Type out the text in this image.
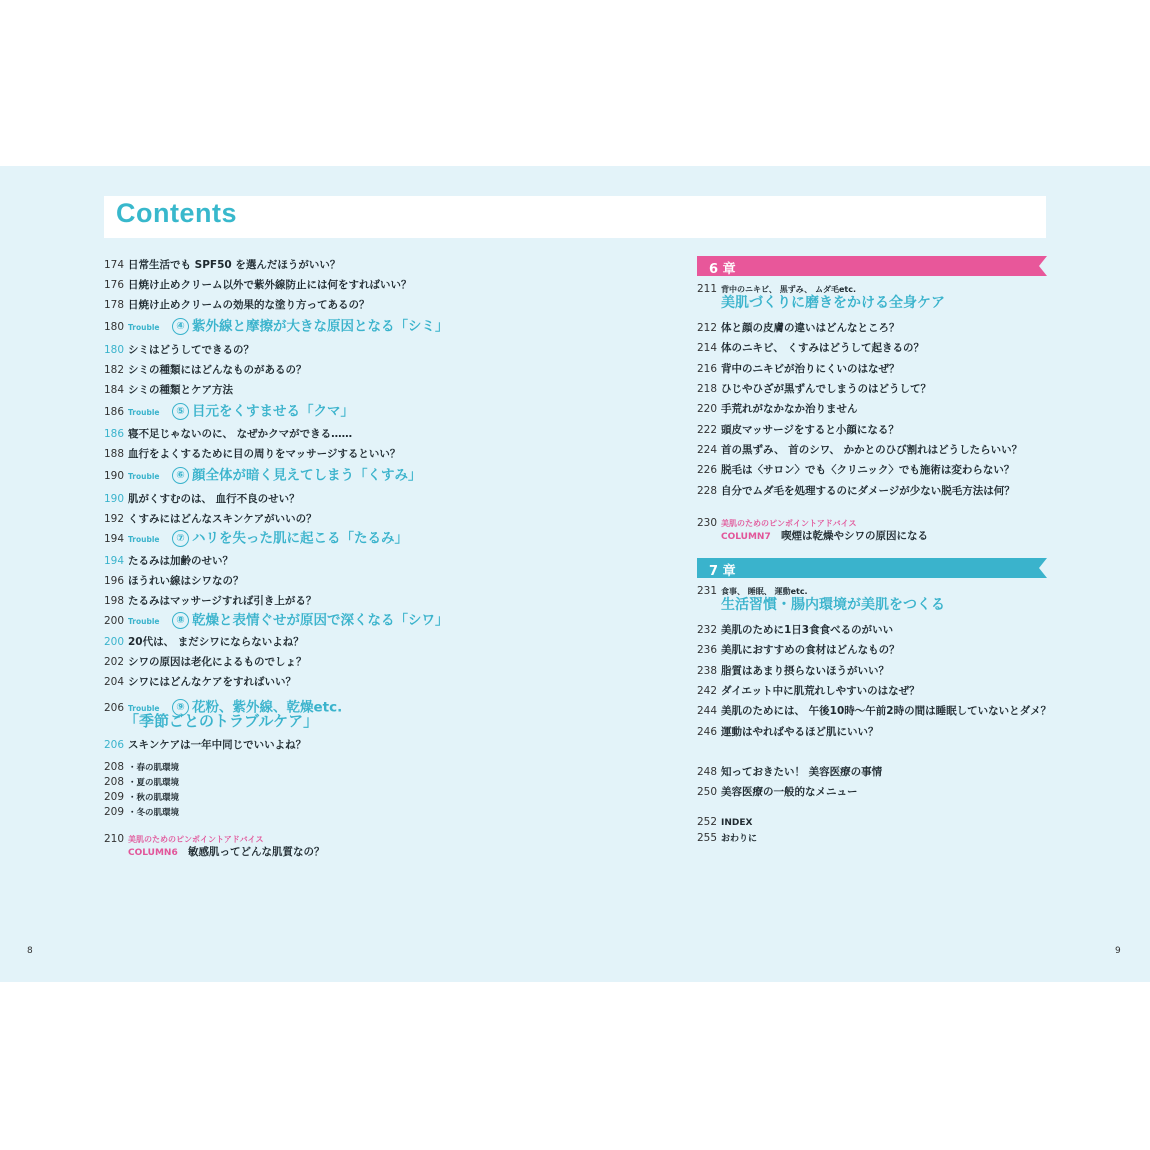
Contents
174 日常生活でも SPF50 を選んだほうがいい？
176 日焼け止めクリーム以外で紫外線防止には何をすればいい？
178 日焼け止めクリームの効果的な塗り方ってあるの？
180 Trouble ④ 紫外線と摩擦が大きな原因となる「シミ」
180 シミはどうしてできるの？
182 シミの種類にはどんなものがあるの？
184 シミの種類とケア方法
186 Trouble ⑤ 目元をくすませる「クマ」
186 寝不足じゃないのに、 なぜかクマができる……
188 血行をよくするために目の周りをマッサージするといい？
190 Trouble ⑥ 顔全体が暗く見えてしまう「くすみ」
190 肌がくすむのは、 血行不良のせい？
192 くすみにはどんなスキンケアがいいの？
194 Trouble ⑦ ハリを失った肌に起こる「たるみ」
194 たるみは加齢のせい？
196 ほうれい線はシワなの？
198 たるみはマッサージすれば引き上がる？
200 Trouble ⑧ 乾燥と表情ぐせが原因で深くなる「シワ」
200 20代は、 まだシワにならないよね？
202 シワの原因は老化によるものでしょ？
204 シワにはどんなケアをすればいい？
206 Trouble ⑨ 花粉、紫外線、乾燥etc.
「季節ごとのトラブルケア」
206 スキンケアは一年中同じでいいよね？
208 ・春の肌環境
208 ・夏の肌環境
209 ・秋の肌環境
209 ・冬の肌環境
210 美肌のためのピンポイントアドバイス
COLUMN6 敏感肌ってどんな肌質なの？
6 章
211 背中のニキビ、 黒ずみ、 ムダ毛etc.
美肌づくりに磨きをかける全身ケア
212 体と顔の皮膚の違いはどんなところ？
214 体のニキビ、 くすみはどうして起きるの？
216 背中のニキビが治りにくいのはなぜ？
218 ひじやひざが黒ずんでしまうのはどうして？
220 手荒れがなかなか治りません
222 頭皮マッサージをすると小顔になる？
224 首の黒ずみ、 首のシワ、 かかとのひび割れはどうしたらいい？
226 脱毛は〈サロン〉でも〈クリニック〉でも施術は変わらない？
228 自分でムダ毛を処理するのにダメージが少ない脱毛方法は何？
230 美肌のためのピンポイントアドバイス
COLUMN7 喫煙は乾燥やシワの原因になる
7 章
231 食事、 睡眠、 運動etc.
生活習慣・腸内環境が美肌をつくる
232 美肌のために1日3食食べるのがいい
236 美肌におすすめの食材はどんなもの？
238 脂質はあまり摂らないほうがいい？
242 ダイエット中に肌荒れしやすいのはなぜ？
244 美肌のためには、 午後10時〜午前2時の間は睡眠していないとダメ？
246 運動はやればやるほど肌にいい？
248 知っておきたい！ 美容医療の事情
250 美容医療の一般的なメニュー
252 INDEX
255 おわりに
8	9
